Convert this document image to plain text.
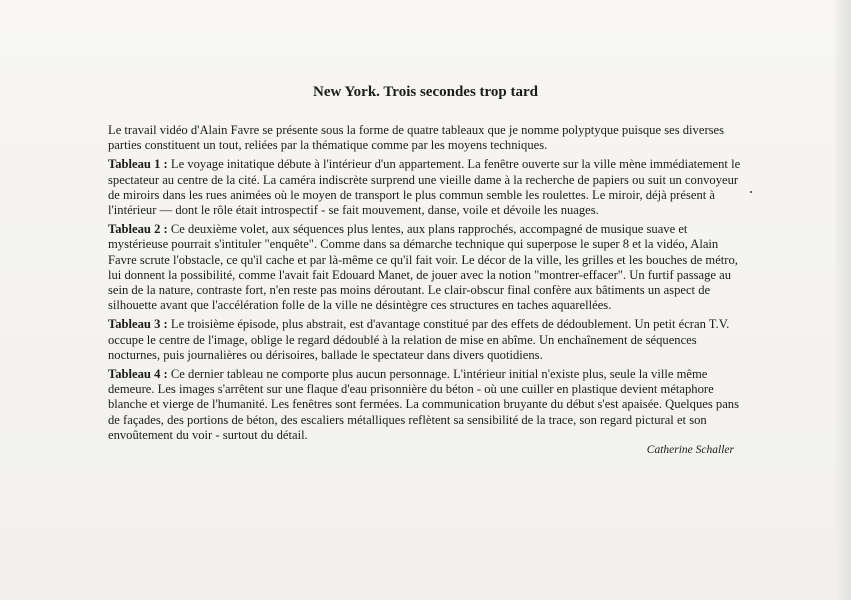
New York. Trois secondes trop tard

Le travail vidéo d'Alain Favre se présente sous la forme de quatre tableaux que je nomme polyptyque puisque ses diverses parties constituent un tout, reliées par la thématique comme par les moyens techniques.

Tableau 1 : Le voyage initatique débute à l'intérieur d'un appartement. La fenêtre ouverte sur la ville mène immédiatement le spectateur au centre de la cité. La caméra indiscrète surprend une vieille dame à la recherche de papiers ou suit un convoyeur de miroirs dans les rues animées où le moyen de transport le plus commun semble les roulettes. Le miroir, déjà présent à l'intérieur — dont le rôle était introspectif - se fait mouvement, danse, voile et dévoile les nuages.

Tableau 2 : Ce deuxième volet, aux séquences plus lentes, aux plans rapprochés, accompagné de musique suave et mystérieuse pourrait s'intituler "enquête". Comme dans sa démarche technique qui superpose le super 8 et la vidéo, Alain Favre scrute l'obstacle, ce qu'il cache et par là-même ce qu'il fait voir. Le décor de la ville, les grilles et les bouches de métro, lui donnent la possibilité, comme l'avait fait Edouard Manet, de jouer avec la notion "montrer-effacer". Un furtif passage au sein de la nature, contraste fort, n'en reste pas moins déroutant. Le clair-obscur final confère aux bâtiments un aspect de silhouette avant que l'accélération folle de la ville ne désintègre ces structures en taches aquarellées.

Tableau 3 : Le troisième épisode, plus abstrait, est d'avantage constitué par des effets de dédoublement. Un petit écran T.V. occupe le centre de l'image, oblige le regard dédoublé à la relation de mise en abîme. Un enchaînement de séquences nocturnes, puis journalières ou dérisoires, ballade le spectateur dans divers quotidiens.

Tableau 4 : Ce dernier tableau ne comporte plus aucun personnage. L'intérieur initial n'existe plus, seule la ville même demeure. Les images s'arrêtent sur une flaque d'eau prisonnière du béton - où une cuiller en plastique devient métaphore blanche et vierge de l'humanité. Les fenêtres sont fermées. La communication bruyante du début s'est apaisée. Quelques pans de façades, des portions de béton, des escaliers métalliques reflètent sa sensibilité de la trace, son regard pictural et son envoûtement du voir - surtout du détail.

Catherine Schaller
